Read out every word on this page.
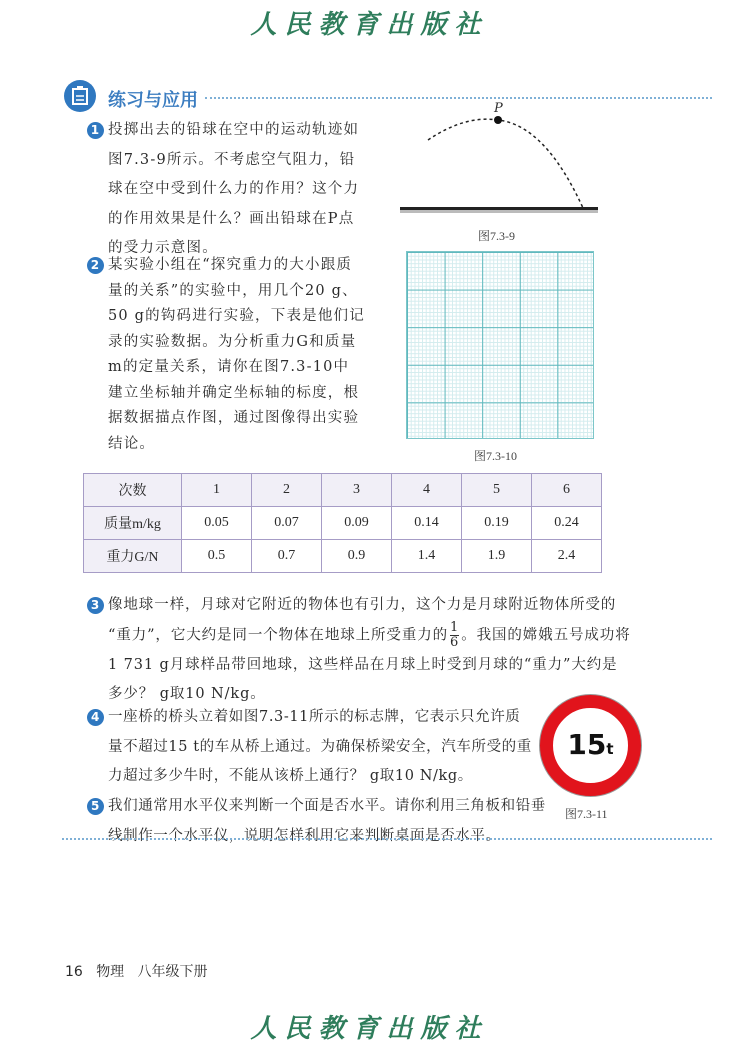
人民教育出版社
练习与应用

1 投掷出去的铅球在空中的运动轨迹如

图7.3-9所示。不考虑空气阻力，铅

球在空中受到什么力的作用？这个力

的作用效果是什么？画出铅球在P点

的受力示意图。

P
图7.3-9

2 某实验小组在“探究重力的大小跟质

量的关系”的实验中，用几个20 g、

50 g的钩码进行实验，下表是他们记

录的实验数据。为分析重力G和质量

m的定量关系，请你在图7.3-10中

建立坐标轴并确定坐标轴的标度，根

据数据描点作图，通过图像得出实验

结论。

图7.3-10
次数	1	2	3	4	5	6
质量m/kg	0.05	0.07	0.09	0.14	0.19	0.24
重力G/N	0.5	0.7	0.9	1.4	1.9	2.4

3 像地球一样，月球对它附近的物体也有引力，这个力是月球附近物体所受的

“重力”，它大约是同一个物体在地球上所受重力的 $\frac{1}{6}$ 。我国的嫦娥五号成功将

1 731 g月球样品带回地球，这些样品在月球上时受到月球的“重力”大约是

多少？ g取10 N/kg。

4 一座桥的桥头立着如图7.3-11所示的标志牌，它表示只允许质

量不超过15 t的车从桥上通过。为确保桥梁安全，汽车所受的重

力超过多少牛时，不能从该桥上通行？ g取10 N/kg。

5 我们通常用水平仪来判断一个面是否水平。请你利用三角板和铅垂

线制作一个水平仪，说明怎样利用它来判断桌面是否水平。

15t
图7.3-11
16 物理 八年级下册
人民教育出版社
